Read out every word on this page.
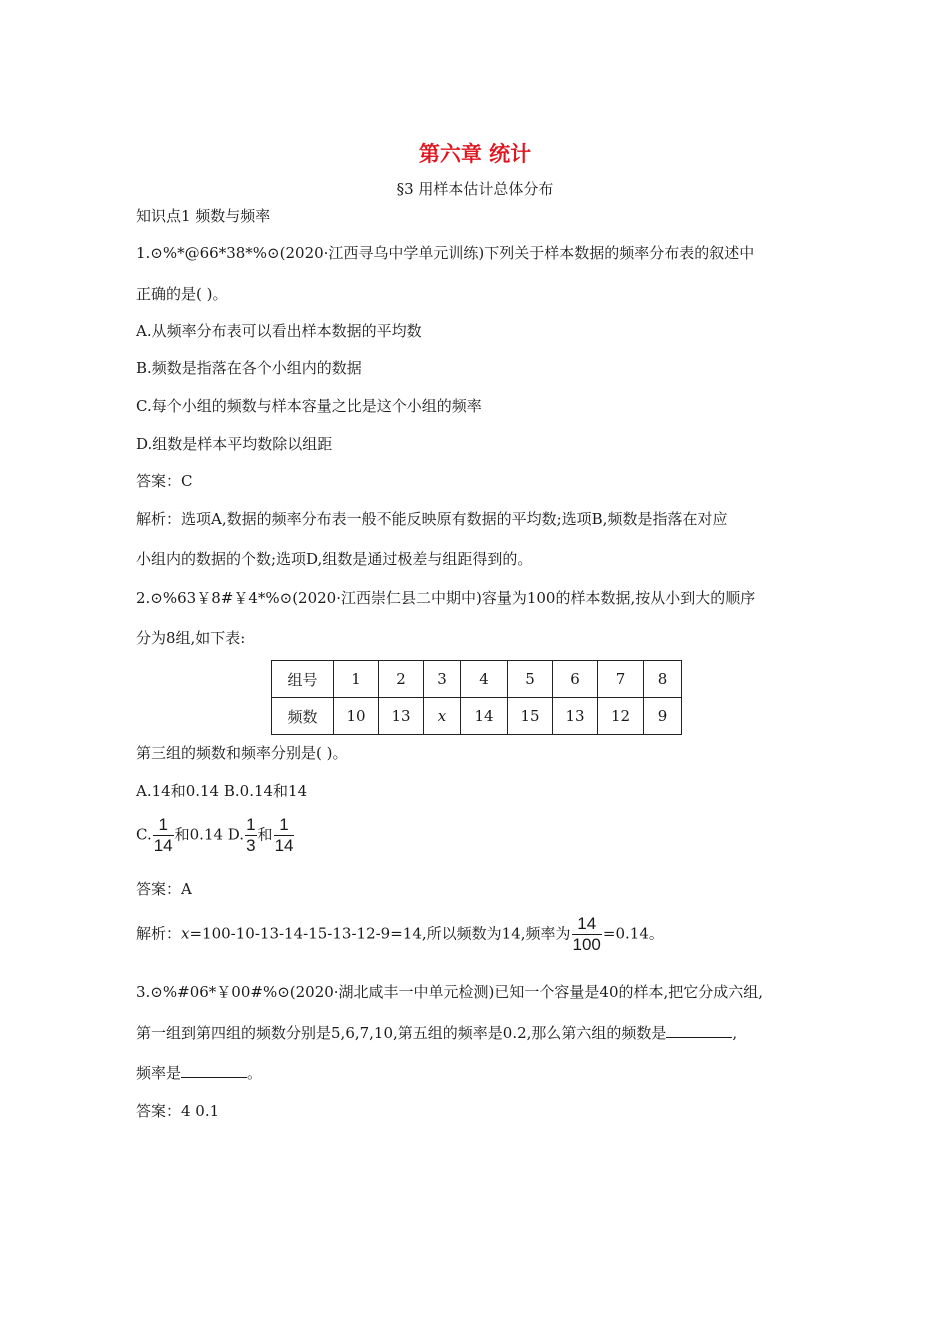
第六章 统计
§3 用样本估计总体分布
知识点1 频数与频率
1.⊙%*@66*38*%⊙(2020·江西寻乌中学单元训练)下列关于样本数据的频率分布表的叙述中
正确的是( )。
A.从频率分布表可以看出样本数据的平均数
B.频数是指落在各个小组内的数据
C.每个小组的频数与样本容量之比是这个小组的频率
D.组数是样本平均数除以组距
答案：C
解析：选项A,数据的频率分布表一般不能反映原有数据的平均数;选项B,频数是指落在对应
小组内的数据的个数;选项D,组数是通过极差与组距得到的。
2.⊙%63￥8#￥4*%⊙(2020·江西崇仁县二中期中)容量为100的样本数据,按从小到大的顺序
分为8组,如下表:
组号	1	2	3	4	5	6	7	8
频数	10	13	x	14	15	13	12	9
第三组的频数和频率分别是( )。
A.14和0.14 B.0.14和14
C. $\frac{1}{14}$ 和0.14 D. $\frac{1}{3}$ 和 $\frac{1}{14}$
答案：A
解析：x=100-10-13-14-15-13-12-9=14,所以频数为14,频率为 $\frac{14}{100} =0.14$。
3.⊙%#06*￥00#%⊙(2020·湖北咸丰一中单元检测)已知一个容量是40的样本,把它分成六组,
第一组到第四组的频数分别是5,6,7,10,第五组的频率是0.2,那么第六组的频数是	,
频率是	。
答案：4 0.1
